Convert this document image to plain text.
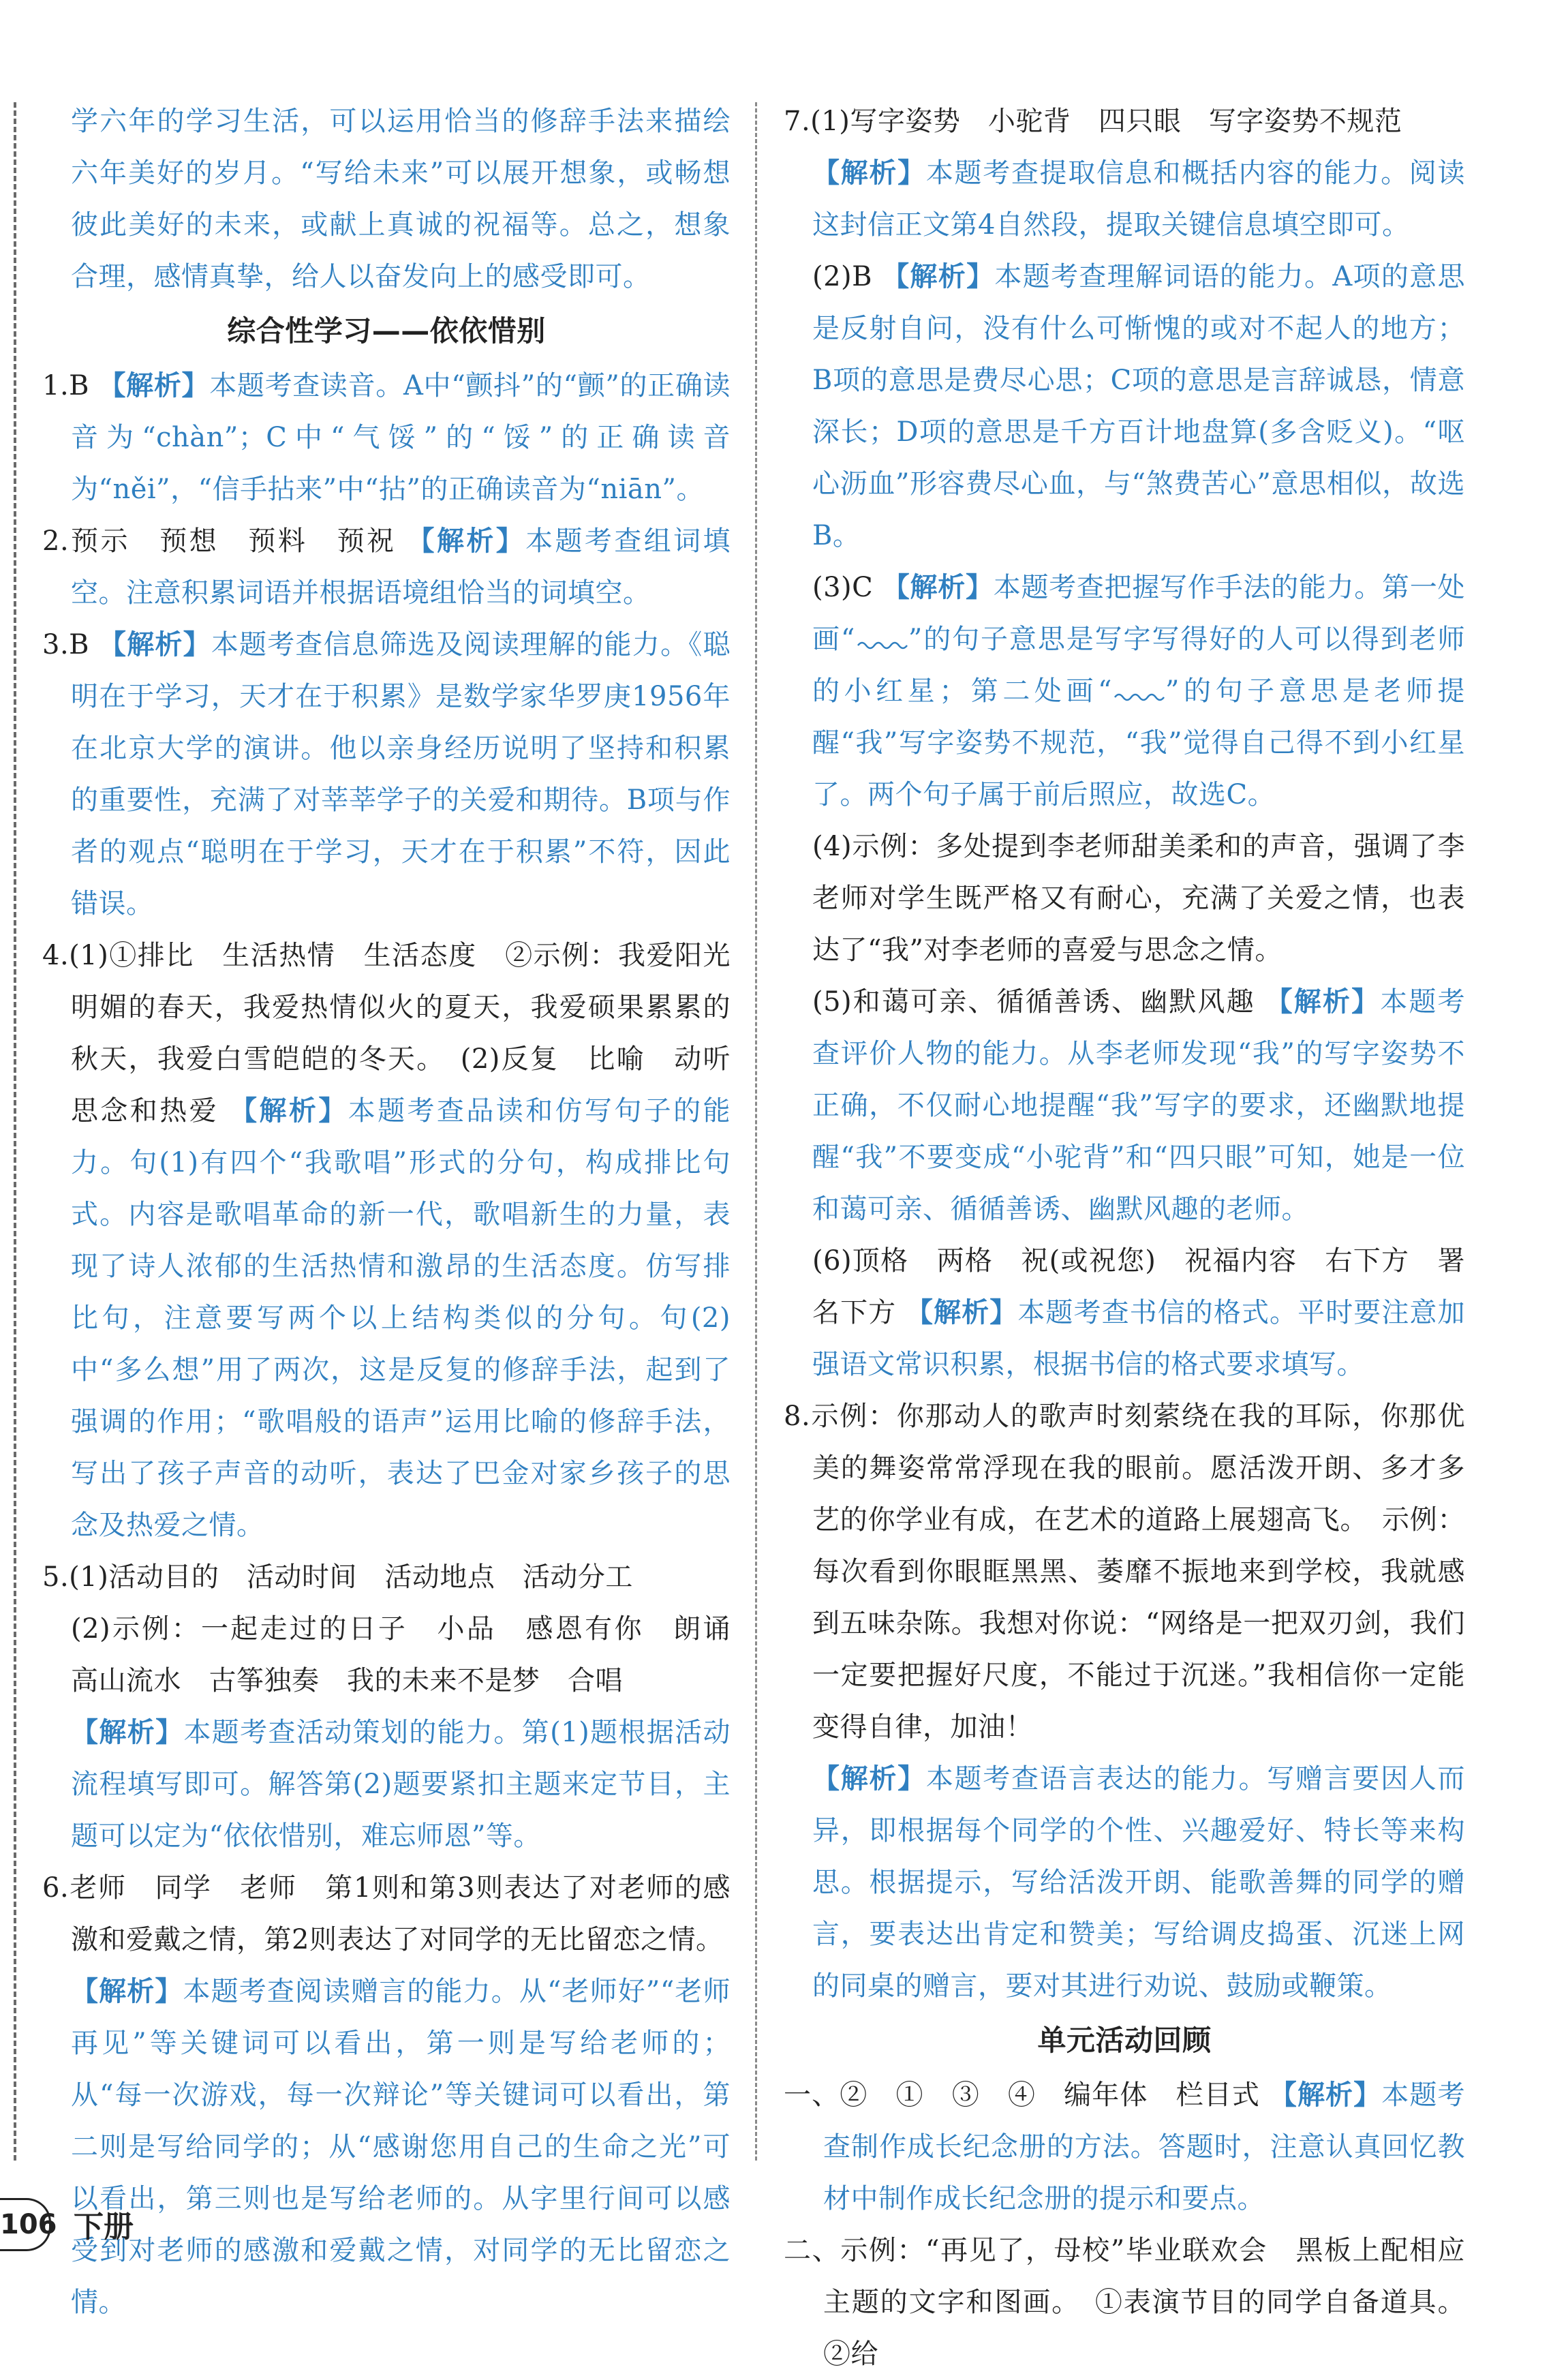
学六年的学习生活，可以运用恰当的修辞手法来描绘六年美好的岁月。“写给未来”可以展开想象，或畅想彼此美好的未来，或献上真诚的祝福等。总之，想象合理，感情真挚，给人以奋发向上的感受即可。

综合性学习——依依惜别

1.B 【解析】本题考查读音。A中“颤抖”的“颤”的正确读音为“chàn”；C中“气馁”的“馁”的正确读音为“něi”，“信手拈来”中“拈”的正确读音为“niān”。

2.预示　预想　预料　预祝 【解析】本题考查组词填空。注意积累词语并根据语境组恰当的词填空。

3.B 【解析】本题考查信息筛选及阅读理解的能力。《聪明在于学习，天才在于积累》是数学家华罗庚1956年在北京大学的演讲。他以亲身经历说明了坚持和积累的重要性，充满了对莘莘学子的关爱和期待。B项与作者的观点“聪明在于学习，天才在于积累”不符，因此错误。

4.(1)①排比　生活热情　生活态度　②示例：我爱阳光明媚的春天，我爱热情似火的夏天，我爱硕果累累的秋天，我爱白雪皑皑的冬天。　(2)反复　比喻　动听　思念和热爱 【解析】本题考查品读和仿写句子的能力。句(1)有四个“我歌唱”形式的分句，构成排比句式。内容是歌唱革命的新一代，歌唱新生的力量，表现了诗人浓郁的生活热情和激昂的生活态度。仿写排比句，注意要写两个以上结构类似的分句。句(2)中“多么想”用了两次，这是反复的修辞手法，起到了强调的作用；“歌唱般的语声”运用比喻的修辞手法，写出了孩子声音的动听，表达了巴金对家乡孩子的思念及热爱之情。

5.(1)活动目的　活动时间　活动地点　活动分工

(2)示例：一起走过的日子　小品　感恩有你　朗诵　高山流水　古筝独奏　我的未来不是梦　合唱

【解析】本题考查活动策划的能力。第(1)题根据活动流程填写即可。解答第(2)题要紧扣主题来定节目，主题可以定为“依依惜别，难忘师恩”等。

6.老师　同学　老师　第1则和第3则表达了对老师的感激和爱戴之情，第2则表达了对同学的无比留恋之情。

【解析】本题考查阅读赠言的能力。从“老师好”“老师再见”等关键词可以看出，第一则是写给老师的；从“每一次游戏，每一次辩论”等关键词可以看出，第二则是写给同学的；从“感谢您用自己的生命之光”可以看出，第三则也是写给老师的。从字里行间可以感受到对老师的感激和爱戴之情，对同学的无比留恋之情。

7.(1)写字姿势　小驼背　四只眼　写字姿势不规范

【解析】本题考查提取信息和概括内容的能力。阅读这封信正文第4自然段，提取关键信息填空即可。

(2)B 【解析】本题考查理解词语的能力。A项的意思是反射自问，没有什么可惭愧的或对不起人的地方；B项的意思是费尽心思；C项的意思是言辞诚恳，情意深长；D项的意思是千方百计地盘算(多含贬义)。“呕心沥血”形容费尽心血，与“煞费苦心”意思相似，故选B。

(3)C 【解析】本题考查把握写作手法的能力。第一处画“ ”的句子意思是写字写得好的人可以得到老师的小红星；第二处画“ ”的句子意思是老师提醒“我”写字姿势不规范，“我”觉得自己得不到小红星了。两个句子属于前后照应，故选C。

(4)示例：多处提到李老师甜美柔和的声音，强调了李老师对学生既严格又有耐心，充满了关爱之情，也表达了“我”对李老师的喜爱与思念之情。

(5)和蔼可亲、循循善诱、幽默风趣 【解析】本题考查评价人物的能力。从李老师发现“我”的写字姿势不正确，不仅耐心地提醒“我”写字的要求，还幽默地提醒“我”不要变成“小驼背”和“四只眼”可知，她是一位和蔼可亲、循循善诱、幽默风趣的老师。

(6)顶格　两格　祝(或祝您)　祝福内容　右下方　署名下方 【解析】本题考查书信的格式。平时要注意加强语文常识积累，根据书信的格式要求填写。

8.示例：你那动人的歌声时刻萦绕在我的耳际，你那优美的舞姿常常浮现在我的眼前。愿活泼开朗、多才多艺的你学业有成，在艺术的道路上展翅高飞。　示例：每次看到你眼眶黑黑、萎靡不振地来到学校，我就感到五味杂陈。我想对你说：“网络是一把双刃剑，我们一定要把握好尺度，不能过于沉迷。”我相信你一定能变得自律，加油！

【解析】本题考查语言表达的能力。写赠言要因人而异，即根据每个同学的个性、兴趣爱好、特长等来构思。根据提示，写给活泼开朗、能歌善舞的同学的赠言，要表达出肯定和赞美；写给调皮捣蛋、沉迷上网的同桌的赠言，要对其进行劝说、鼓励或鞭策。

单元活动回顾

一、②　①　③　④　编年体　栏目式 【解析】本题考查制作成长纪念册的方法。答题时，注意认真回忆教材中制作成长纪念册的提示和要点。

二、示例：“再见了，母校”毕业联欢会　黑板上配相应主题的文字和图画。　①表演节目的同学自备道具。②给

106 下册
